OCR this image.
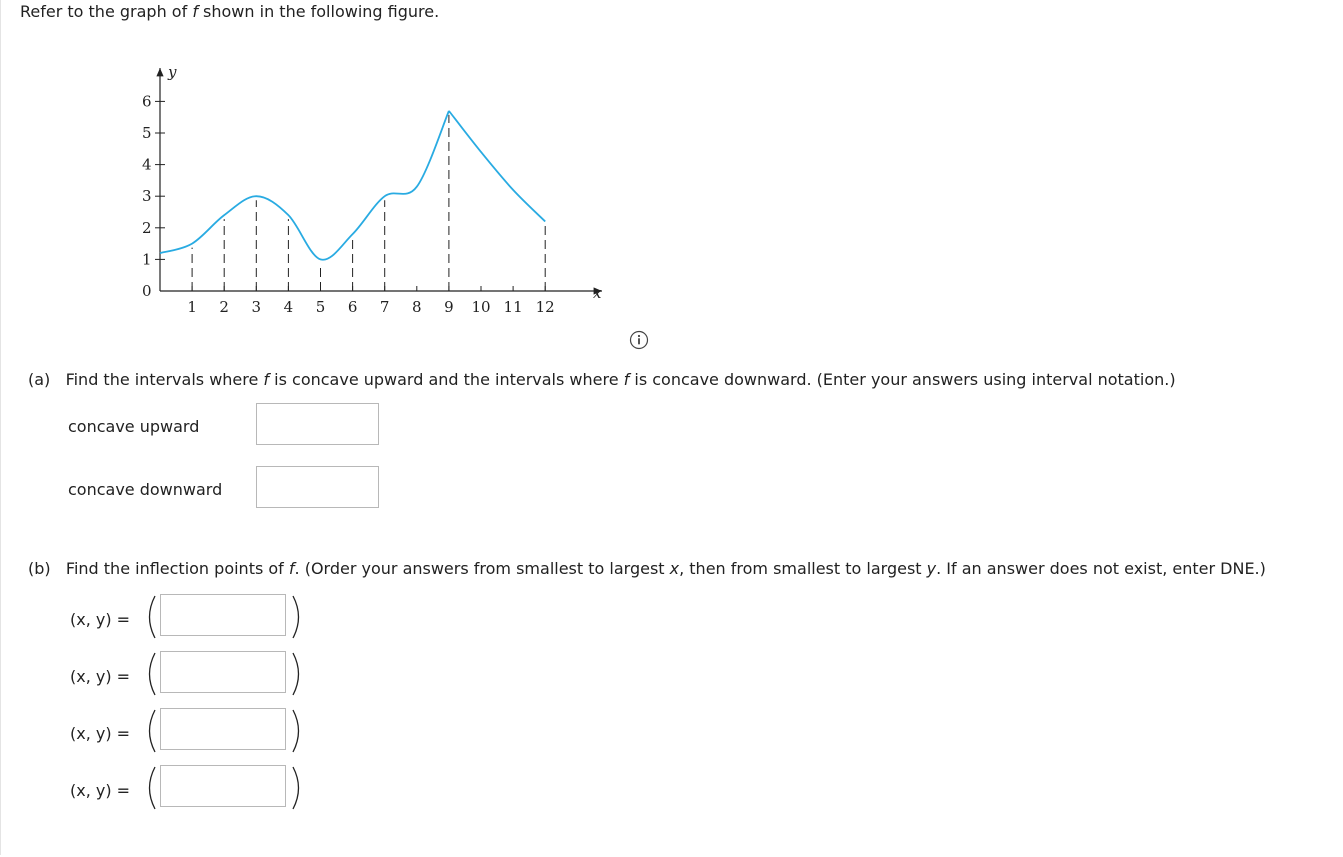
Refer to the graph of f shown in the following figure.
y
x
0
1
2
3
4
5
6
1 2 3 4 5 6 7 8 9 10 11 12
(a) Find the intervals where f is concave upward and the intervals where f is concave downward. (Enter your answers using interval notation.)
concave upward
concave downward
(b) Find the inflection points of f. (Order your answers from smallest to largest x, then from smallest to largest y. If an answer does not exist, enter DNE.)
(x, y) =
(x, y) =
(x, y) =
(x, y) =
